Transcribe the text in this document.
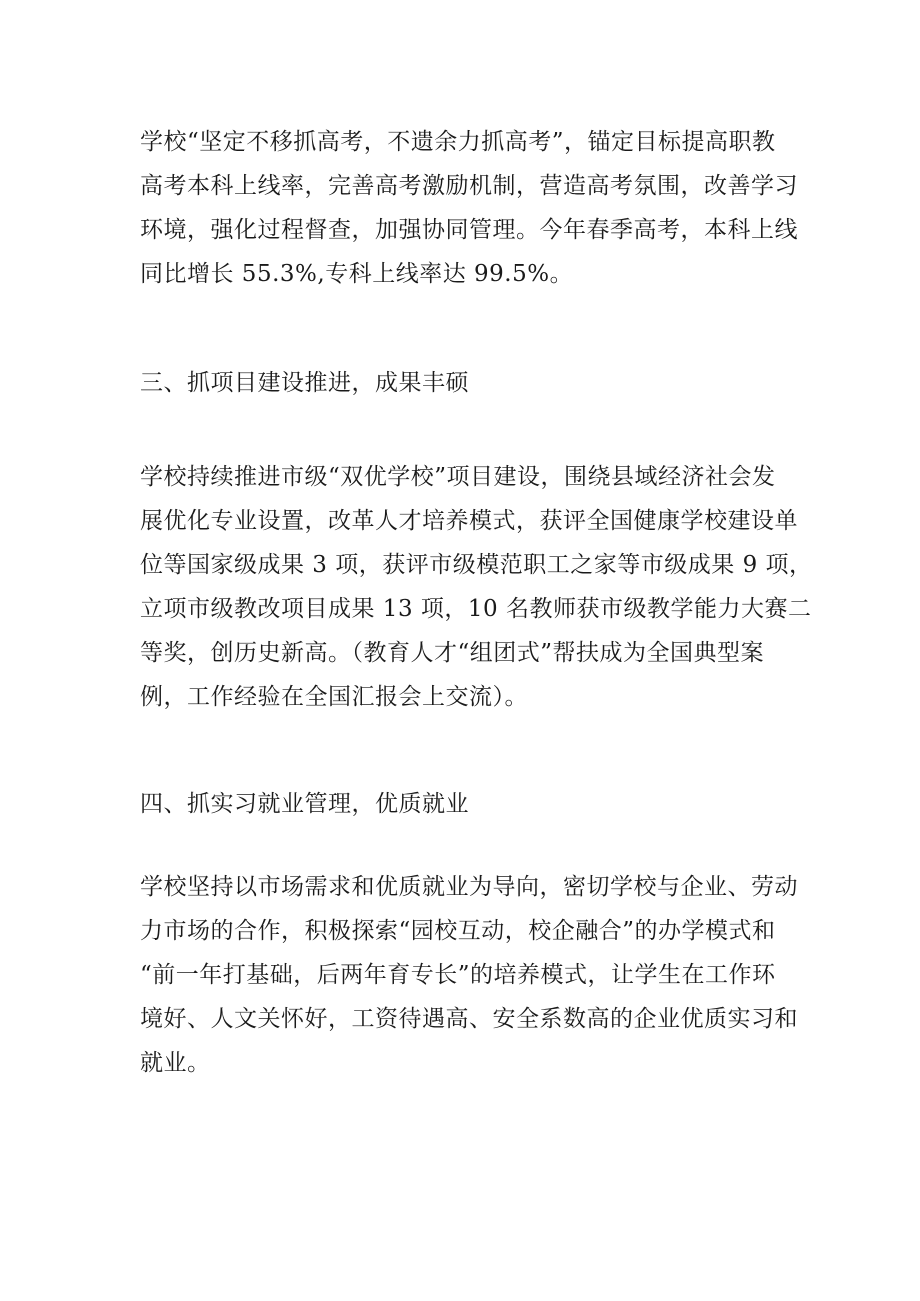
学校“坚定不移抓高考，不遗余力抓高考”，锚定目标提高职教
高考本科上线率，完善高考激励机制，营造高考氛围，改善学习
环境，强化过程督查，加强协同管理。今年春季高考，本科上线
同比增长 55.3%,专科上线率达 99.5%。
三、抓项目建设推进，成果丰硕
学校持续推进市级“双优学校”项目建设，围绕县域经济社会发
展优化专业设置，改革人才培养模式，获评全国健康学校建设单
位等国家级成果 3 项，获评市级模范职工之家等市级成果 9 项，
立项市级教改项目成果 13 项，10 名教师获市级教学能力大赛二
等奖，创历史新高。（教育人才“组团式”帮扶成为全国典型案
例，工作经验在全国汇报会上交流）。
四、抓实习就业管理，优质就业
学校坚持以市场需求和优质就业为导向，密切学校与企业、劳动
力市场的合作，积极探索“园校互动，校企融合”的办学模式和
“前一年打基础，后两年育专长”的培养模式，让学生在工作环
境好、人文关怀好，工资待遇高、安全系数高的企业优质实习和
就业。
